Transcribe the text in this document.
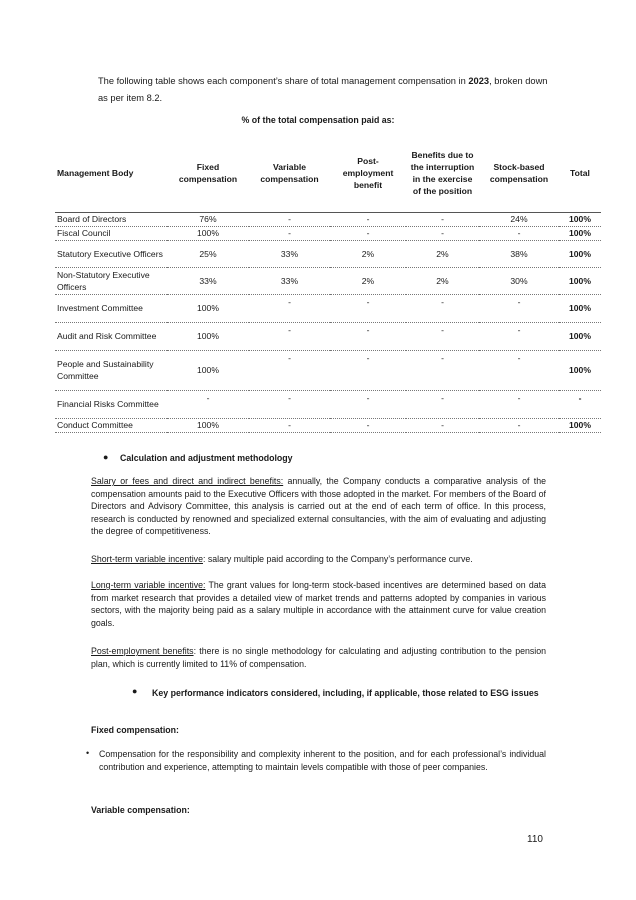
The following table shows each component’s share of total management compensation in 2023, broken down as per item 8.2.

% of the total compensation paid as:
Management Body	Fixed compensation	Variable compensation	Post-employment benefit	Benefits due to the interruption in the exercise of the position	Stock-based compensation	Total
Board of Directors	76%	-	-	-	24%	100%
Fiscal Council	100%	-	-	-	-	100%
Statutory Executive Officers	25%	33%	2%	2%	38%	100%
Non-Statutory Executive Officers	33%	33%	2%	2%	30%	100%
Investment Committee	100%	-	-	-	-	100%
Audit and Risk Committee	100%	-	-	-	-	100%
People and Sustainability Committee	100%	-	-	-	-	100%
Financial Risks Committee	-	-	-	-	-	-
Conduct Committee	100%	-	-	-	-	100%
● Calculation and adjustment methodology

Salary or fees and direct and indirect benefits: annually, the Company conducts a comparative analysis of the compensation amounts paid to the Executive Officers with those adopted in the market. For members of the Board of Directors and Advisory Committee, this analysis is carried out at the end of each term of office. In this process, research is conducted by renowned and specialized external consultancies, with the aim of evaluating and adjusting the degree of competitiveness.

Short-term variable incentive: salary multiple paid according to the Company’s performance curve.

Long-term variable incentive: The grant values for long-term stock-based incentives are determined based on data from market research that provides a detailed view of market trends and patterns adopted by companies in various sectors, with the majority being paid as a salary multiple in accordance with the attainment curve for value creation goals.

Post-employment benefits: there is no single methodology for calculating and adjusting contribution to the pension plan, which is currently limited to 11% of compensation.

● Key performance indicators considered, including, if applicable, those related to ESG issues
Fixed compensation:
• Compensation for the responsibility and complexity inherent to the position, and for each professional’s individual contribution and experience, attempting to maintain levels compatible with those of peer companies.

Variable compensation:
110
